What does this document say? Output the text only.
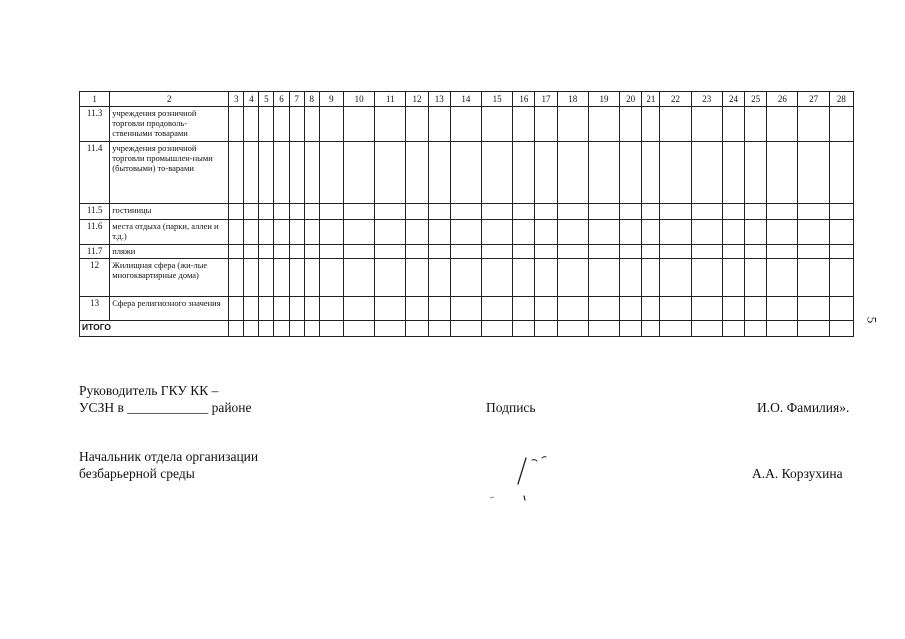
1	2	3	4	5	6	7	8	9	10	11	12	13	14	15	16	17	18	19	20	21	22	23	24	25	26	27	28
11.3	учреждения розничной торговли продоволь-ственными товарами																										
11.4	учреждения розничной торговли промышлен-ными (бытовыми) то-варами																										
11.5	гостиницы																										
11.6	места отдыха (парки, аллеи и т.д.)																										
11.7	пляжи																										
12	Жилищная сфера (жи-лые многоквартирные дома)																										
13	Сфера религиозного значения																										
ИТОГО																											
5
Руководитель ГКУ КК –
УСЗН в ____________ районе	Подпись	И.О. Фамилия».
Начальник отдела организации
безбарьерной среды	А.А. Корзухина
